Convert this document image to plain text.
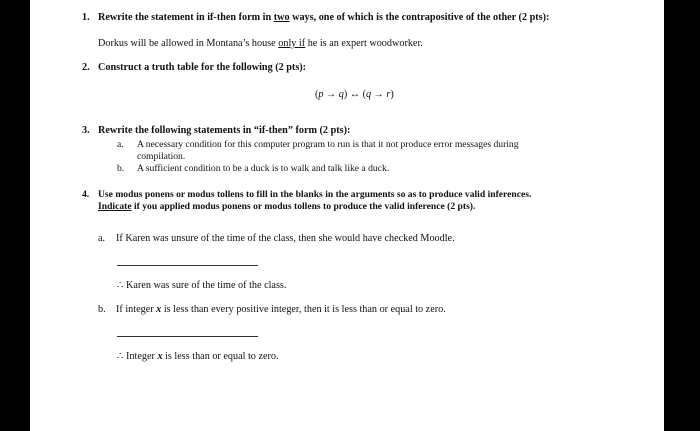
1. Rewrite the statement in if-then form in two ways, one of which is the contrapositive of the other (2 pts):
Dorkus will be allowed in Montana’s house only if he is an expert woodworker.
2. Construct a truth table for the following (2 pts):
(p → q) ↔ (q → r)
3. Rewrite the following statements in “if-then” form (2 pts):
a. A necessary condition for this computer program to run is that it not produce error messages during
compilation.
b. A sufficient condition to be a duck is to walk and talk like a duck.
4. Use modus ponens or modus tollens to fill in the blanks in the arguments so as to produce valid inferences.
Indicate if you applied modus ponens or modus tollens to produce the valid inference (2 pts).
a. If Karen was unsure of the time of the class, then she would have checked Moodle.
∴ Karen was sure of the time of the class.
b. If integer x is less than every positive integer, then it is less than or equal to zero.
∴ Integer x is less than or equal to zero.
